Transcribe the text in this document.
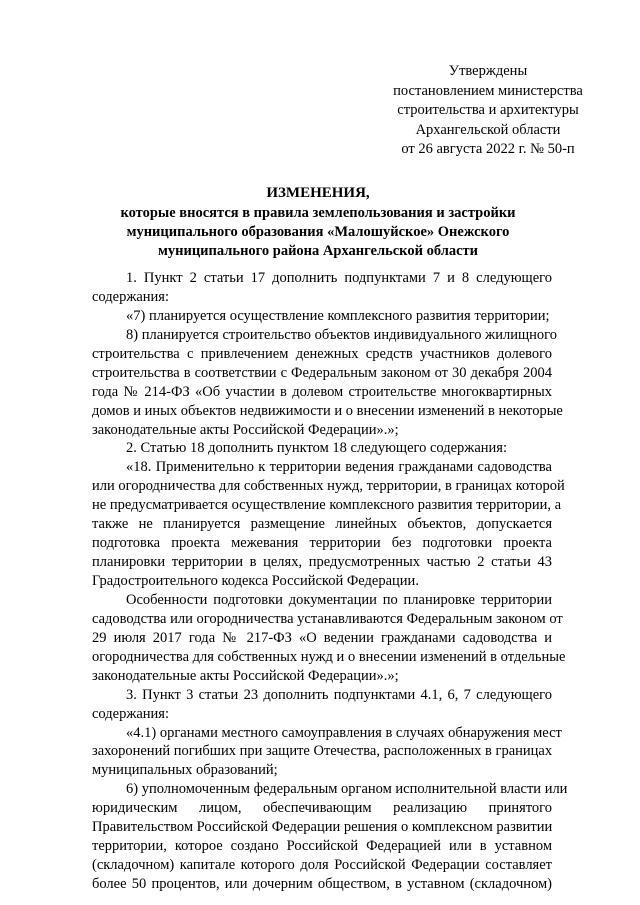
Утверждены
постановлением министерства
строительства и архитектуры
Архангельской области
от 26 августа 2022 г. № 50-п
ИЗМЕНЕНИЯ,
которые вносятся в правила землепользования и застройки
муниципального образования «Малошуйское» Онежского
муниципального района Архангельской области
1. Пункт 2 статьи 17 дополнить подпунктами 7 и 8 следующего
содержания:
«7) планируется осуществление комплексного развития территории;
8) планируется строительство объектов индивидуального жилищного
строительства с привлечением денежных средств участников долевого
строительства в соответствии с Федеральным законом от 30 декабря 2004
года № 214-ФЗ «Об участии в долевом строительстве многоквартирных
домов и иных объектов недвижимости и о внесении изменений в некоторые
законодательные акты Российской Федерации».»;
2. Статью 18 дополнить пунктом 18 следующего содержания:
«18. Применительно к территории ведения гражданами садоводства
или огородничества для собственных нужд, территории, в границах которой
не предусматривается осуществление комплексного развития территории, а
также не планируется размещение линейных объектов, допускается
подготовка проекта межевания территории без подготовки проекта
планировки территории в целях, предусмотренных частью 2 статьи 43
Градостроительного кодекса Российской Федерации.
Особенности подготовки документации по планировке территории
садоводства или огородничества устанавливаются Федеральным законом от
29 июля 2017 года № 217-ФЗ «О ведении гражданами садоводства и
огородничества для собственных нужд и о внесении изменений в отдельные
законодательные акты Российской Федерации».»;
3. Пункт 3 статьи 23 дополнить подпунктами 4.1, 6, 7 следующего
содержания:
«4.1) органами местного самоуправления в случаях обнаружения мест
захоронений погибших при защите Отечества, расположенных в границах
муниципальных образований;
6) уполномоченным федеральным органом исполнительной власти или
юридическим лицом, обеспечивающим реализацию принятого
Правительством Российской Федерации решения о комплексном развитии
территории, которое создано Российской Федерацией или в уставном
(складочном) капитале которого доля Российской Федерации составляет
более 50 процентов, или дочерним обществом, в уставном (складочном)
